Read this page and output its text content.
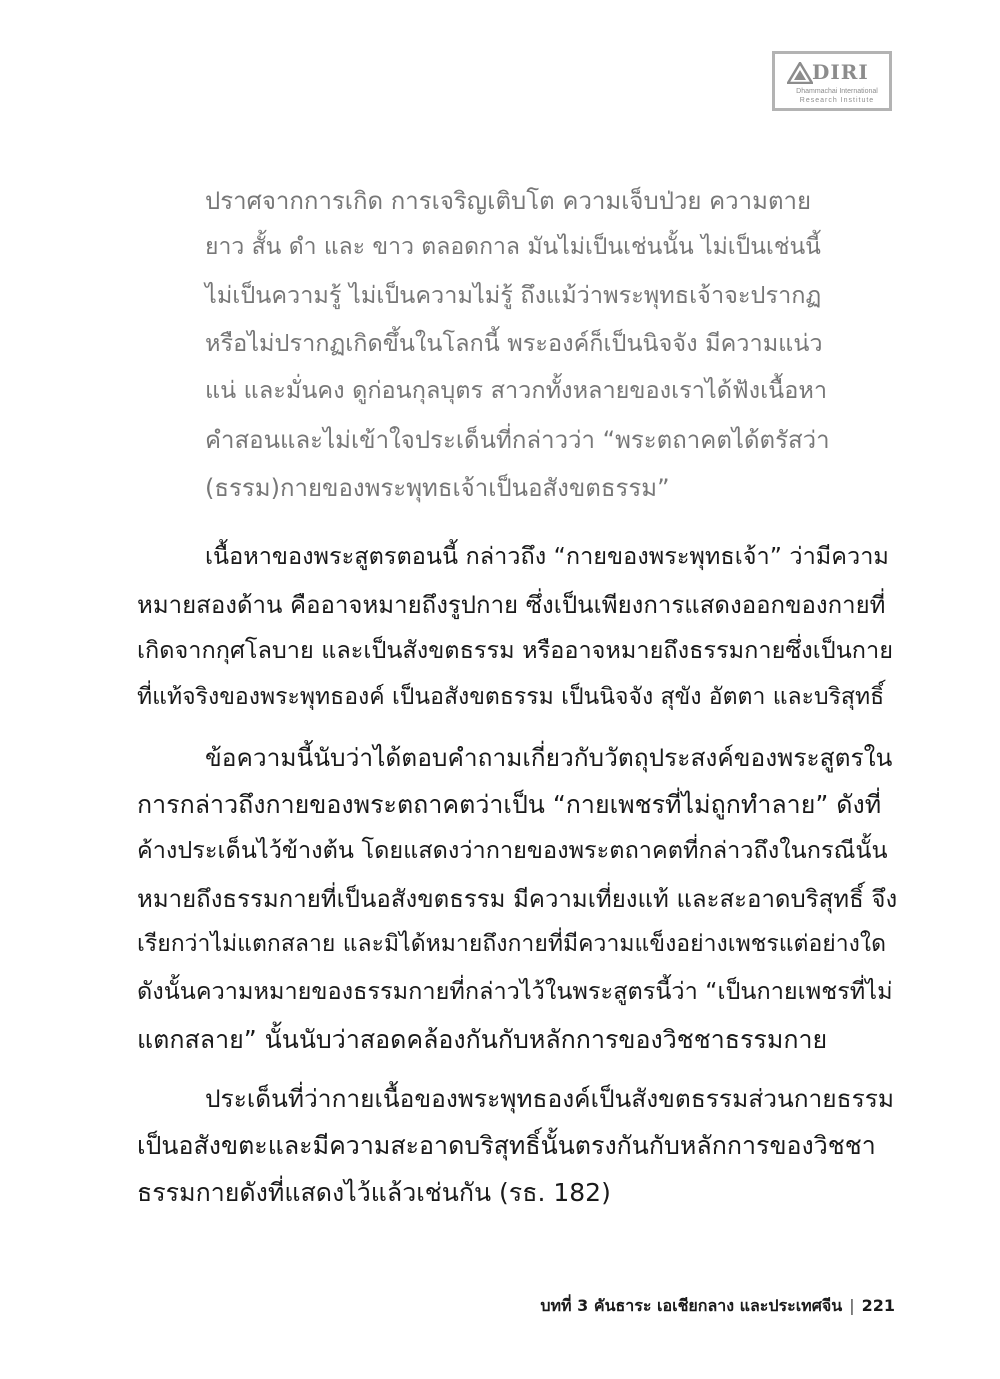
DIRI
Dhammachai International
Research Institute

ปราศจากการเกิด การเจริญเติบโต ความเจ็บป่วย ความตาย

ยาว สั้น ดำ และ ขาว ตลอดกาล มันไม่เป็นเช่นนั้น ไม่เป็นเช่นนี้

ไม่เป็นความรู้ ไม่เป็นความไม่รู้ ถึงแม้ว่าพระพุทธเจ้าจะปรากฏ

หรือไม่ปรากฏเกิดขึ้นในโลกนี้ พระองค์ก็เป็นนิจจัง มีความแน่ว

แน่ และมั่นคง ดูก่อนกุลบุตร สาวกทั้งหลายของเราได้ฟังเนื้อหา

คำสอนและไม่เข้าใจประเด็นที่กล่าวว่า “พระตถาคตได้ตรัสว่า

(ธรรม)กายของพระพุทธเจ้าเป็นอสังขตธรรม”

เนื้อหาของพระสูตรตอนนี้ กล่าวถึง “กายของพระพุทธเจ้า” ว่ามีความ

หมายสองด้าน คืออาจหมายถึงรูปกาย ซึ่งเป็นเพียงการแสดงออกของกายที่

เกิดจากกุศโลบาย และเป็นสังขตธรรม หรืออาจหมายถึงธรรมกายซึ่งเป็นกาย

ที่แท้จริงของพระพุทธองค์ เป็นอสังขตธรรม เป็นนิจจัง สุขัง อัตตา และบริสุทธิ์

ข้อความนี้นับว่าได้ตอบคำถามเกี่ยวกับวัตถุประสงค์ของพระสูตรใน

การกล่าวถึงกายของพระตถาคตว่าเป็น “กายเพชรที่ไม่ถูกทำลาย” ดังที่

ค้างประเด็นไว้ข้างต้น โดยแสดงว่ากายของพระตถาคตที่กล่าวถึงในกรณีนั้น

หมายถึงธรรมกายที่เป็นอสังขตธรรม มีความเที่ยงแท้ และสะอาดบริสุทธิ์ จึง

เรียกว่าไม่แตกสลาย และมิได้หมายถึงกายที่มีความแข็งอย่างเพชรแต่อย่างใด

ดังนั้นความหมายของธรรมกายที่กล่าวไว้ในพระสูตรนี้ว่า “เป็นกายเพชรที่ไม่

แตกสลาย” นั้นนับว่าสอดคล้องกันกับหลักการของวิชชาธรรมกาย

ประเด็นที่ว่ากายเนื้อของพระพุทธองค์เป็นสังขตธรรมส่วนกายธรรม

เป็นอสังขตะและมีความสะอาดบริสุทธิ์นั้นตรงกันกับหลักการของวิชชา

ธรรมกายดังที่แสดงไว้แล้วเช่นกัน (รธ. 182)

บทที่ 3 คันธาระ เอเชียกลาง และประเทศจีน | 221
